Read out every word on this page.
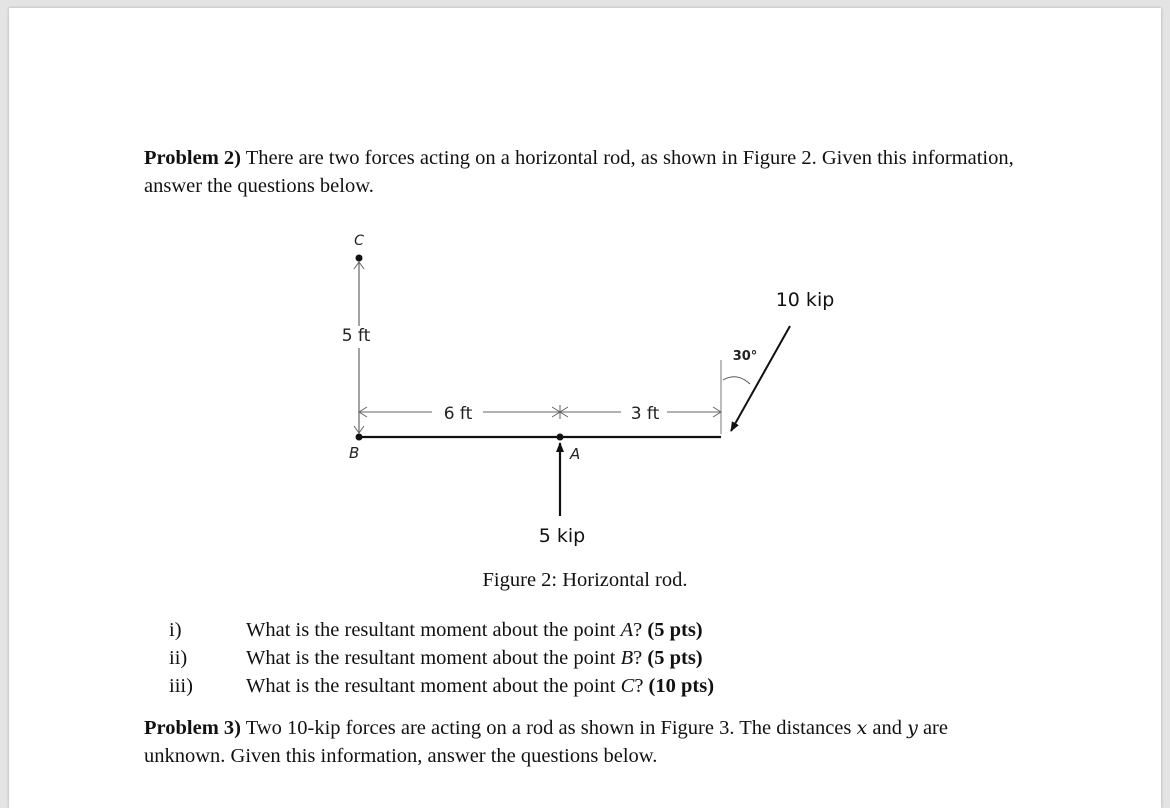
Problem 2) There are two forces acting on a horizontal rod, as shown in Figure 2. Given this information, answer the questions below.

C
5 ft
B	A
6 ft	3 ft
30°
10 kip
5 kip
Figure 2: Horizontal rod.
i)	What is the resultant moment about the point A? (5 pts)
ii)	What is the resultant moment about the point B? (5 pts)
iii)	What is the resultant moment about the point C? (10 pts)

Problem 3) Two 10-kip forces are acting on a rod as shown in Figure 3. The distances x and y are unknown. Given this information, answer the questions below.
